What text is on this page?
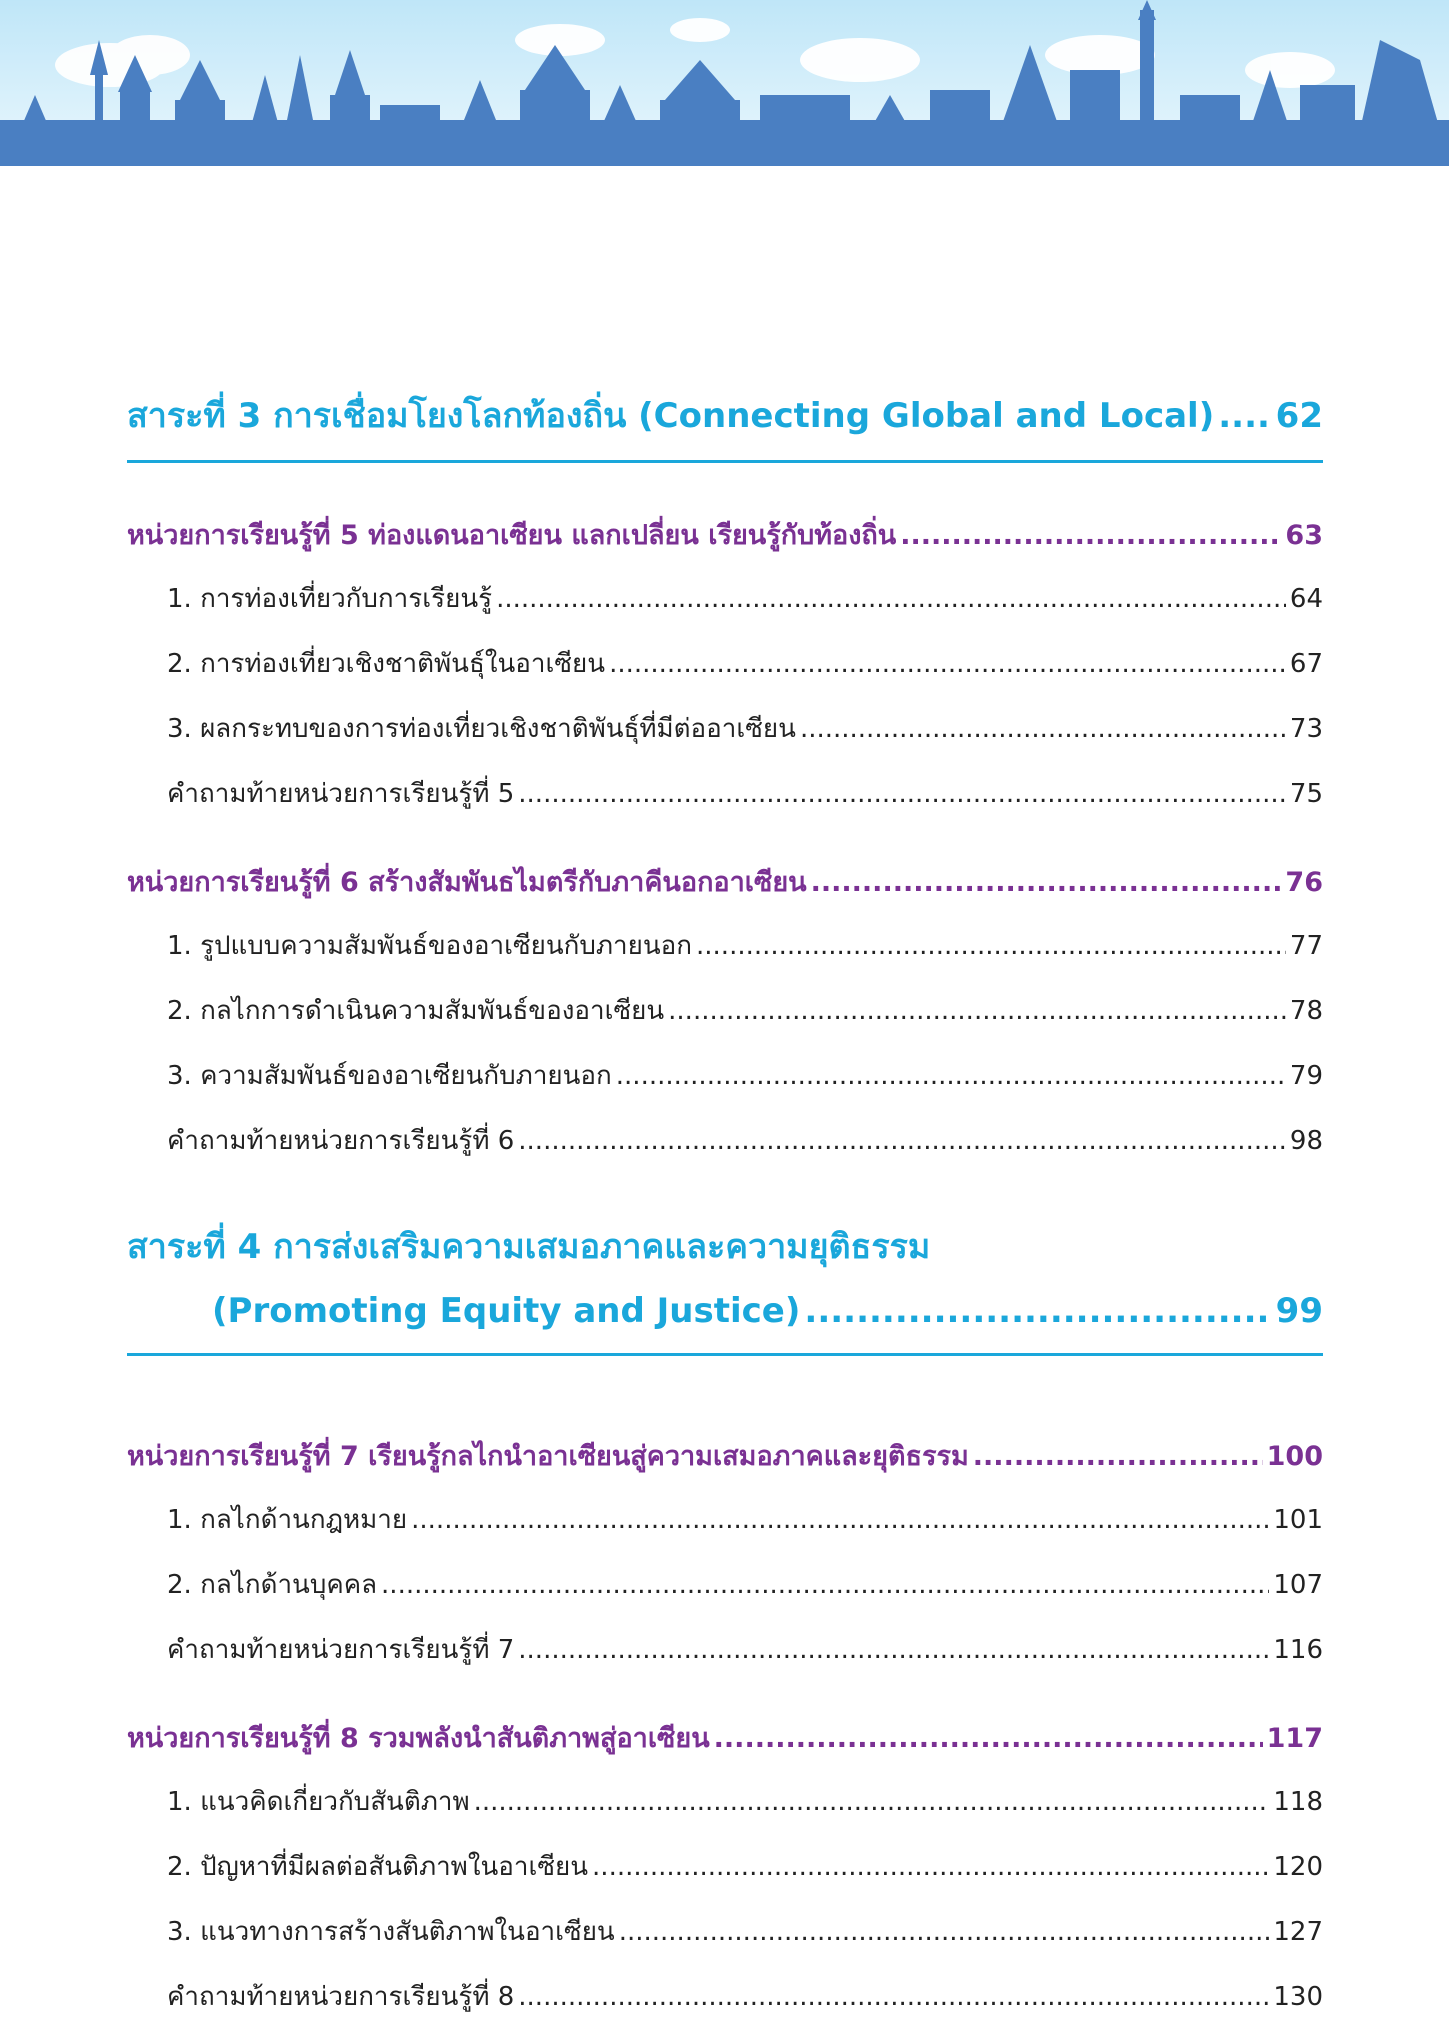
สาระที่ 3 การเชื่อมโยงโลกท้องถิ่น (Connecting Global and Local) ..... 62
หน่วยการเรียนรู้ที่ 5 ท่องแดนอาเซียน แลกเปลี่ยน เรียนรู้กับท้องถิ่น .....	63
1. การท่องเที่ยวกับการเรียนรู้ .....	64
2. การท่องเที่ยวเชิงชาติพันธุ์ในอาเซียน .....	67
3. ผลกระทบของการท่องเที่ยวเชิงชาติพันธุ์ที่มีต่ออาเซียน .....	73
คำถามท้ายหน่วยการเรียนรู้ที่ 5 .....	75
หน่วยการเรียนรู้ที่ 6 สร้างสัมพันธไมตรีกับภาคีนอกอาเซียน .....	76
1. รูปแบบความสัมพันธ์ของอาเซียนกับภายนอก .....	77
2. กลไกการดำเนินความสัมพันธ์ของอาเซียน .....	78
3. ความสัมพันธ์ของอาเซียนกับภายนอก .....	79
คำถามท้ายหน่วยการเรียนรู้ที่ 6 .....	98
สาระที่ 4 การส่งเสริมความเสมอภาคและความยุติธรรม
(Promoting Equity and Justice) .....	99
หน่วยการเรียนรู้ที่ 7 เรียนรู้กลไกนำอาเซียนสู่ความเสมอภาคและยุติธรรม .....	100
1. กลไกด้านกฎหมาย .....	101
2. กลไกด้านบุคคล .....	107
คำถามท้ายหน่วยการเรียนรู้ที่ 7 .....	116
หน่วยการเรียนรู้ที่ 8 รวมพลังนำสันติภาพสู่อาเซียน .....	117
1. แนวคิดเกี่ยวกับสันติภาพ .....	118
2. ปัญหาที่มีผลต่อสันติภาพในอาเซียน .....	120
3. แนวทางการสร้างสันติภาพในอาเซียน .....	127
คำถามท้ายหน่วยการเรียนรู้ที่ 8 .....	130
